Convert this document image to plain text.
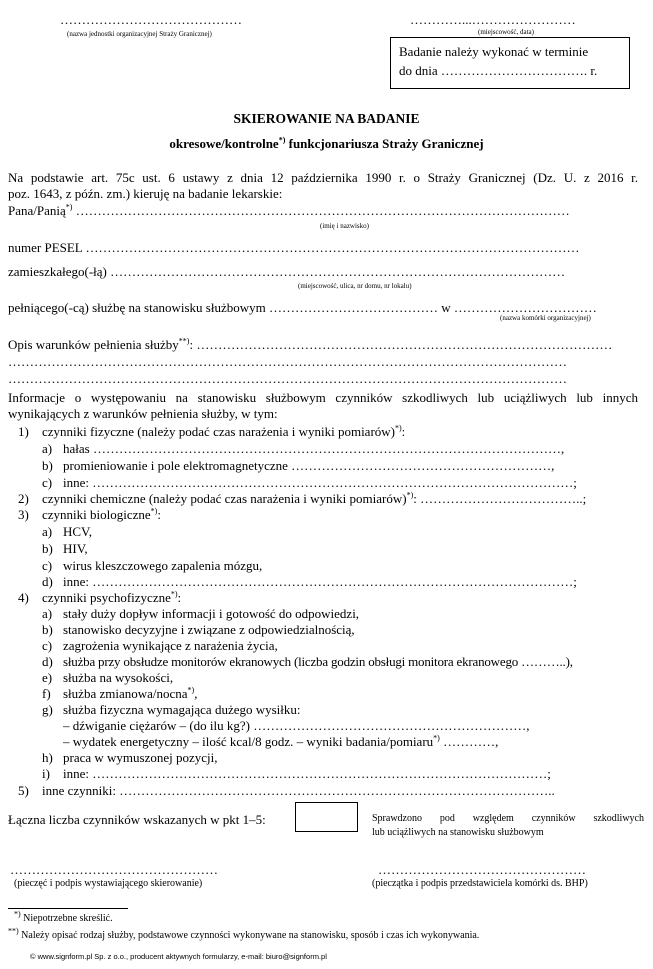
……………………………………
(nazwa jednostki organizacyjnej Straży Granicznej)
…………...……………………
(miejscowość, data)
Badanie należy wykonać w terminie
do dnia ……………………………. r.
SKIEROWANIE NA BADANIE
okresowe/kontrolne*) funkcjonariusza Straży Granicznej
Na podstawie art. 75c ust. 6 ustawy z dnia 12 października 1990 r. o Straży Granicznej (Dz. U. z 2016 r.
poz. 1643, z późn. zm.) kieruję na badanie lekarskie:
Pana/Panią*) ……………………………………………………………………………………………………
(imię i nazwisko)
numer PESEL ……………………………………………………………………………………………………
zamieszkałego(-łą) ……………………………………………………………………………………………
(miejscowość, ulica, nr domu, nr lokalu)
pełniącego(-cą) służbę na stanowisku służbowym ………………………………… w ……………………………
(nazwa komórki organizacyjnej)
Opis warunków pełnienia służby**): ……………………………………………………………………………………
…………………………………………………………………………………………………………………
…………………………………………………………………………………………………………………
Informacje o występowaniu na stanowisku służbowym czynników szkodliwych lub uciążliwych lub innych
wynikających z warunków pełnienia służby, w tym:
1) czynniki fizyczne (należy podać czas narażenia i wyniki pomiarów)*):
a) hałas ………………………………………………………………………………………………,
b) promieniowanie i pole elektromagnetyczne ……………………………………………………,
c) inne: …………………………………………………………………………………………………;
2) czynniki chemiczne (należy podać czas narażenia i wyniki pomiarów)*): ………………………………..;
3) czynniki biologiczne*):
a) HCV,
b) HIV,
c) wirus kleszczowego zapalenia mózgu,
d) inne: …………………………………………………………………………………………………;
4) czynniki psychofizyczne*):
a) stały duży dopływ informacji i gotowość do odpowiedzi,
b) stanowisko decyzyjne i związane z odpowiedzialnością,
c) zagrożenia wynikające z narażenia życia,
d) służba przy obsłudze monitorów ekranowych (liczba godzin obsługi monitora ekranowego ………..),
e) służba na wysokości,
f) służba zmianowa/nocna*),
g) służba fizyczna wymagająca dużego wysiłku:
– dźwiganie ciężarów – (do ilu kg?) ………………………………………………………,
– wydatek energetyczny – ilość kcal/8 godz. – wyniki badania/pomiaru*) …………,
h) praca w wymuszonej pozycji,
i) inne: ……………………………………………………………………………………………;
5) inne czynniki: ………………………………………………………………………………………..
Łączna liczba czynników wskazanych w pkt 1–5:	Sprawdzono pod względem czynników szkodliwych
lub uciążliwych na stanowisku służbowym
…………………………………………
(pieczęć i podpis wystawiającego skierowanie)
…………………………………………
(pieczątka i podpis przedstawiciela komórki ds. BHP)
*) Niepotrzebne skreślić.
**) Należy opisać rodzaj służby, podstawowe czynności wykonywane na stanowisku, sposób i czas ich wykonywania.
© www.signform.pl Sp. z o.o., producent aktywnych formularzy, e-mail: biuro@signform.pl
